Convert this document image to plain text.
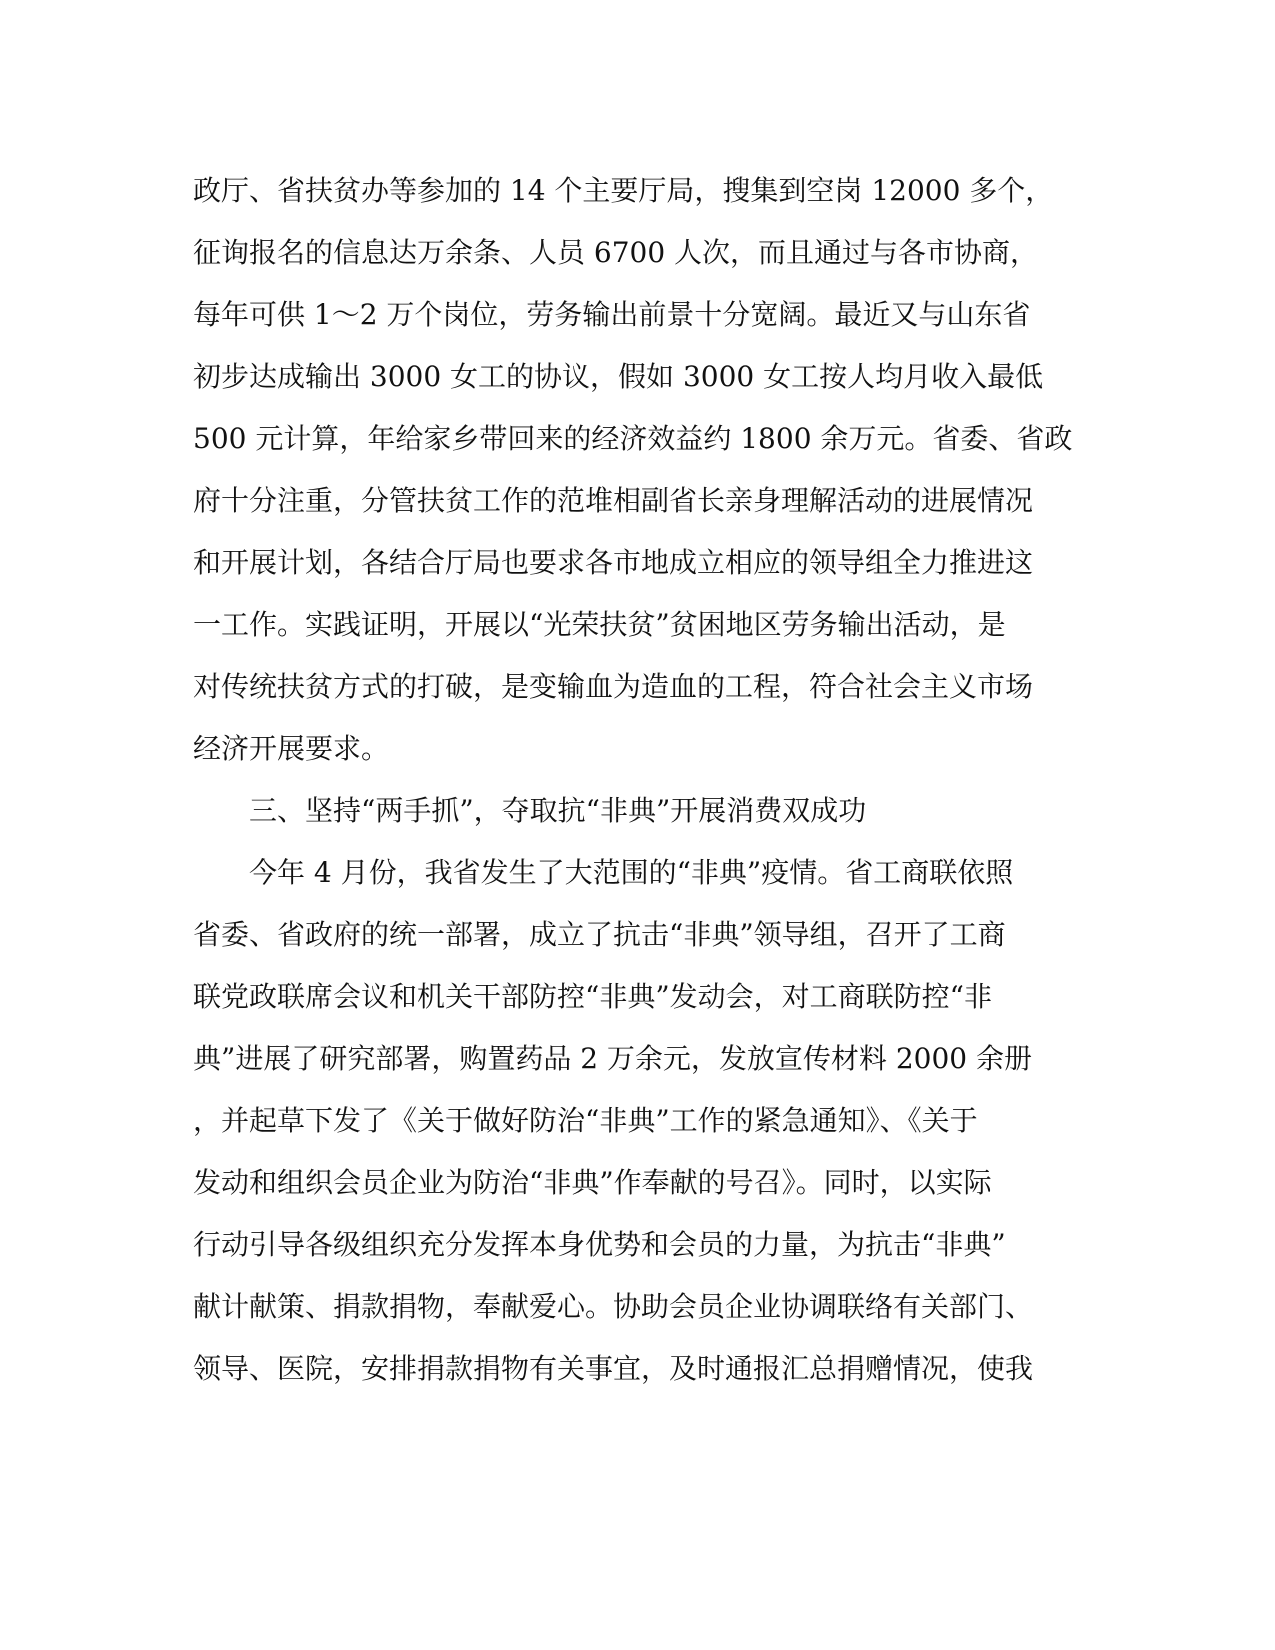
政厅、省扶贫办等参加的 14 个主要厅局，搜集到空岗 12000 多个，
征询报名的信息达万余条、人员 6700 人次，而且通过与各市协商，
每年可供 1～2 万个岗位，劳务输出前景十分宽阔。最近又与山东省
初步达成输出 3000 女工的协议，假如 3000 女工按人均月收入最低
500 元计算，年给家乡带回来的经济效益约 1800 余万元。省委、省政
府十分注重，分管扶贫工作的范堆相副省长亲身理解活动的进展情况
和开展计划，各结合厅局也要求各市地成立相应的领导组全力推进这
一工作。实践证明，开展以“光荣扶贫”贫困地区劳务输出活动，是
对传统扶贫方式的打破，是变输血为造血的工程，符合社会主义市场
经济开展要求。
　　三、坚持“两手抓”，夺取抗“非典”开展消费双成功
　　今年 4 月份，我省发生了大范围的“非典”疫情。省工商联依照
省委、省政府的统一部署，成立了抗击“非典”领导组，召开了工商
联党政联席会议和机关干部防控“非典”发动会，对工商联防控“非
典”进展了研究部署，购置药品 2 万余元，发放宣传材料 2000 余册
，并起草下发了《关于做好防治“非典”工作的紧急通知》、《关于
发动和组织会员企业为防治“非典”作奉献的号召》。同时，以实际
行动引导各级组织充分发挥本身优势和会员的力量，为抗击“非典”
献计献策、捐款捐物，奉献爱心。协助会员企业协调联络有关部门、
领导、医院，安排捐款捐物有关事宜，及时通报汇总捐赠情况，使我
